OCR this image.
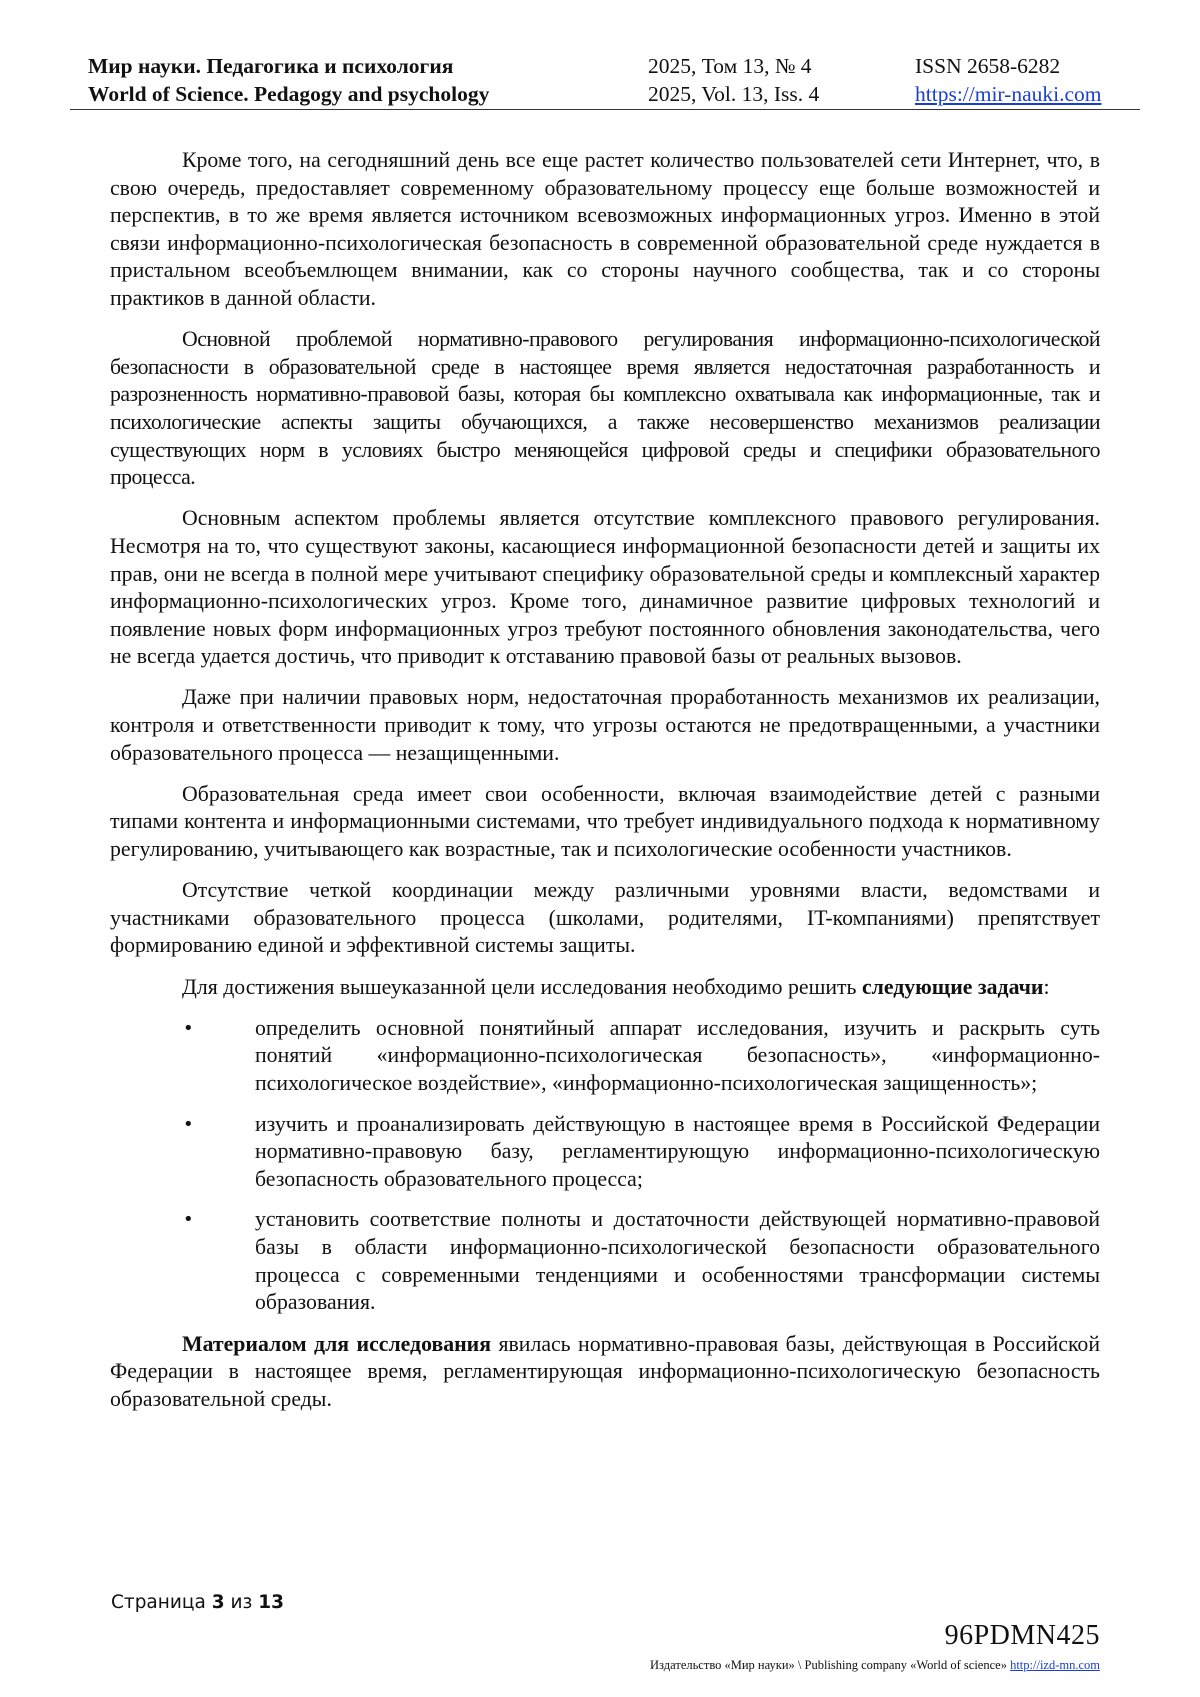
Мир науки. Педагогика и психология
World of Science. Pedagogy and psychology
2025, Том 13, № 4
2025, Vol. 13, Iss. 4
ISSN 2658-6282
https://mir-nauki.com

Кроме того, на сегодняшний день все еще растет количество пользователей сети Интернет, что, в свою очередь, предоставляет современному образовательному процессу еще больше возможностей и перспектив, в то же время является источником всевозможных информационных угроз. Именно в этой связи информационно-психологическая безопасность в современной образовательной среде нуждается в пристальном всеобъемлющем внимании, как со стороны научного сообщества, так и со стороны практиков в данной области.

Основной проблемой нормативно-правового регулирования информационно-психологической безопасности в образовательной среде в настоящее время является недостаточная разработанность и разрозненность нормативно-правовой базы, которая бы комплексно охватывала как информационные, так и психологические аспекты защиты обучающихся, а также несовершенство механизмов реализации существующих норм в условиях быстро меняющейся цифровой среды и специфики образовательного процесса.

Основным аспектом проблемы является отсутствие комплексного правового регулирования. Несмотря на то, что существуют законы, касающиеся информационной безопасности детей и защиты их прав, они не всегда в полной мере учитывают специфику образовательной среды и комплексный характер информационно-психологических угроз. Кроме того, динамичное развитие цифровых технологий и появление новых форм информационных угроз требуют постоянного обновления законодательства, чего не всегда удается достичь, что приводит к отставанию правовой базы от реальных вызовов.

Даже при наличии правовых норм, недостаточная проработанность механизмов их реализации, контроля и ответственности приводит к тому, что угрозы остаются не предотвращенными, а участники образовательного процесса — незащищенными.

Образовательная среда имеет свои особенности, включая взаимодействие детей с разными типами контента и информационными системами, что требует индивидуального подхода к нормативному регулированию, учитывающего как возрастные, так и психологические особенности участников.

Отсутствие четкой координации между различными уровнями власти, ведомствами и участниками образовательного процесса (школами, родителями, IT-компаниями) препятствует формированию единой и эффективной системы защиты.

Для достижения вышеуказанной цели исследования необходимо решить следующие задачи:

•	определить основной понятийный аппарат исследования, изучить и раскрыть суть понятий «информационно-психологическая безопасность», «информационно-психологическое воздействие», «информационно-психологическая защищенность»;
•	изучить и проанализировать действующую в настоящее время в Российской Федерации нормативно-правовую базу, регламентирующую информационно-психологическую безопасность образовательного процесса;
•	установить соответствие полноты и достаточности действующей нормативно-правовой базы в области информационно-психологической безопасности образовательного процесса с современными тенденциями и особенностями трансформации системы образования.

Материалом для исследования явилась нормативно-правовая базы, действующая в Российской Федерации в настоящее время, регламентирующая информационно-психологическую безопасность образовательной среды.

Страница 3 из 13
96PDMN425
Издательство «Мир науки» \ Publishing company «World of science» http://izd-mn.com
